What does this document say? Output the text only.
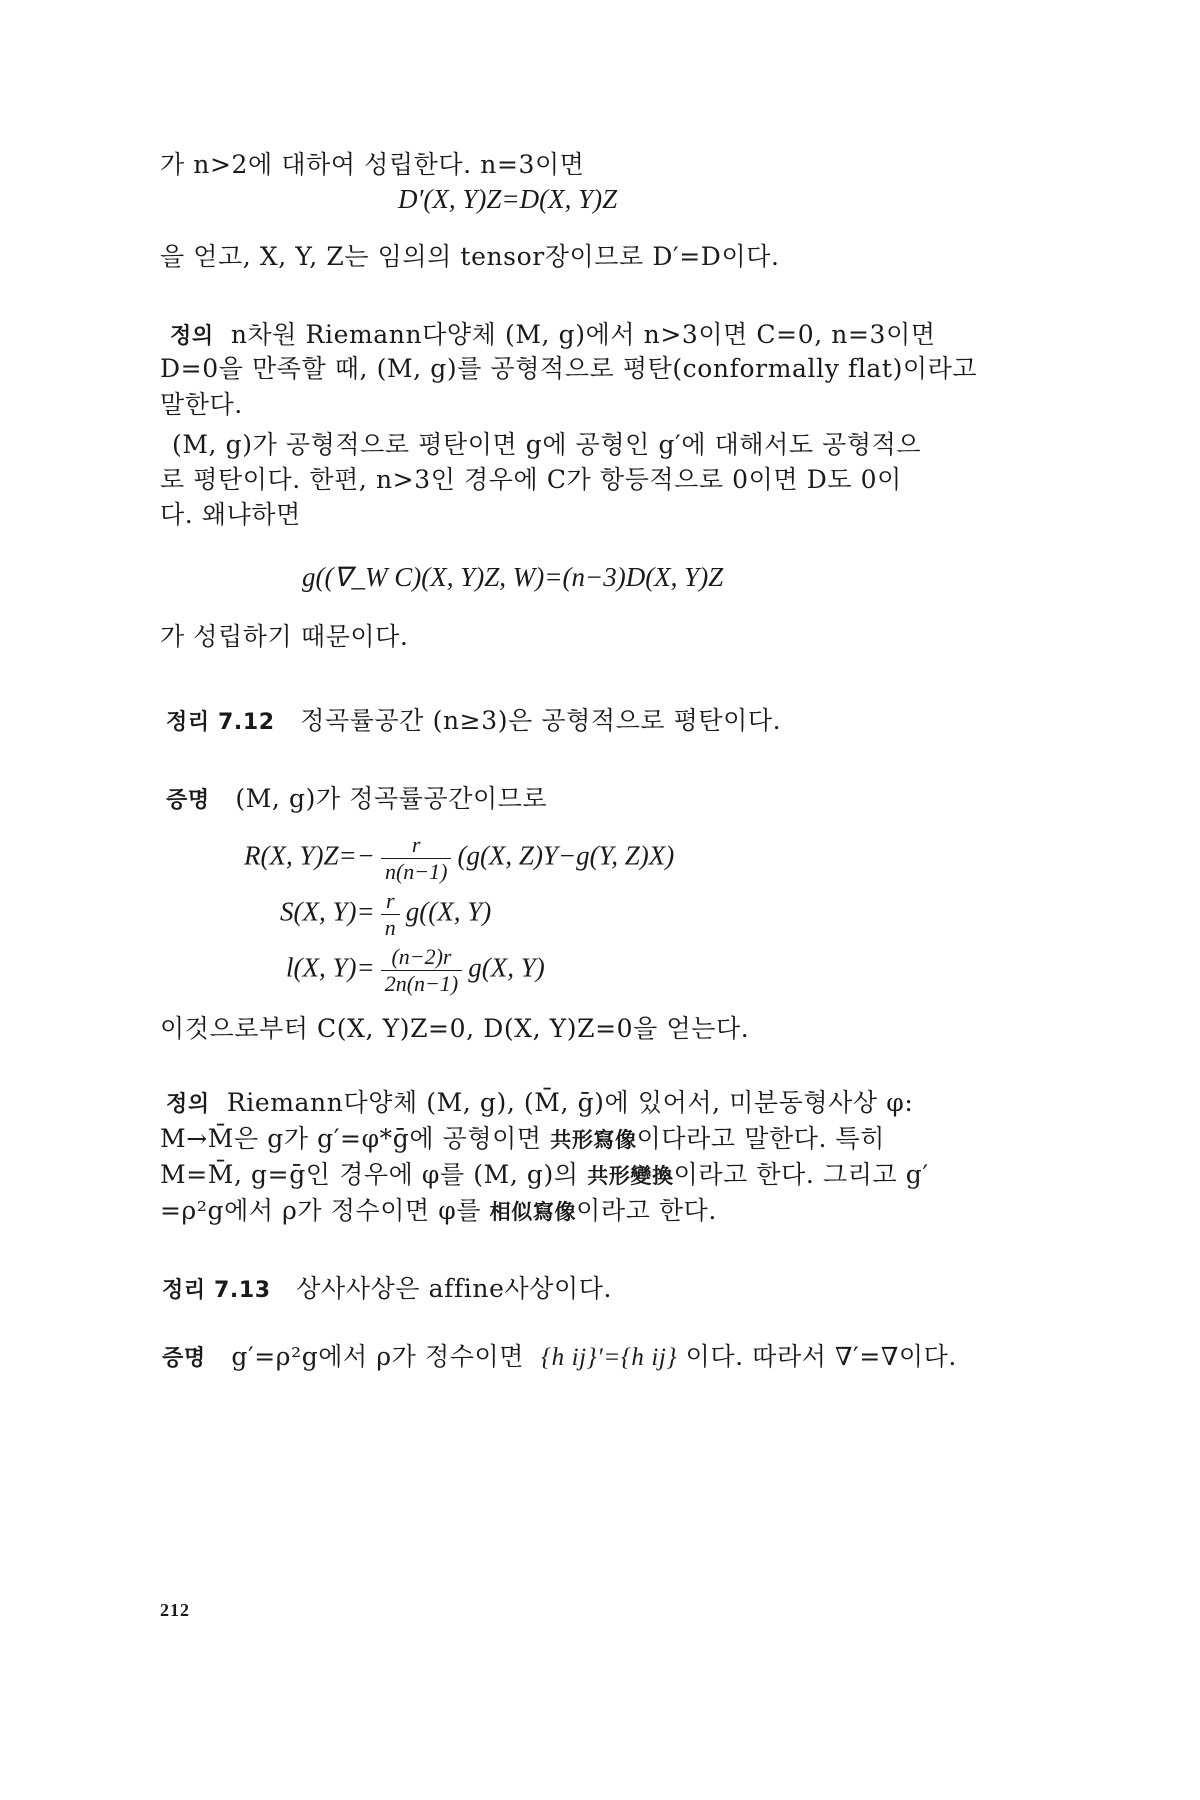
가 n>2에 대하여 성립한다. n=3이면
D′(X, Y)Z=D(X, Y)Z
을 얻고, X, Y, Z는 임의의 tensor장이므로 D′=D이다.
정의 n차원 Riemann다양체 (M, g)에서 n>3이면 C=0, n=3이면
D=0을 만족할 때, (M, g)를 공형적으로 평탄(conformally flat)이라고
말한다.
(M, g)가 공형적으로 평탄이면 g에 공형인 g′에 대해서도 공형적으
로 평탄이다. 한편, n>3인 경우에 C가 항등적으로 0이면 D도 0이
다. 왜냐하면
g((∇_W C)(X, Y)Z, W)=(n−3)D(X, Y)Z
가 성립하기 때문이다.
정리 7.12 정곡률공간 (n≥3)은 공형적으로 평탄이다.
증명 (M, g)가 정곡률공간이므로
R(X, $Y)Z=- \frac{r}{n(n-1)} (g(X$, Z)Y−g(Y, Z)X)
S(X, $Y)= \frac{r}{n} g((X$, Y)
l(X, $Y)= \frac{(n-2)r}{2n(n-1)} g(X$, Y)
이것으로부터 C(X, Y)Z=0, D(X, Y)Z=0을 얻는다.
정의 Riemann다양체 (M, g), (M̄, ḡ)에 있어서, 미분동형사상 φ:
M→M̄은 g가 g′=φ*ḡ에 공형이면 共形寫像이다라고 말한다. 특히
M=M̄, g=ḡ인 경우에 φ를 (M, g)의 共形變換이라고 한다. 그리고 g′
=ρ²g에서 ρ가 정수이면 φ를 相似寫像이라고 한다.
정리 7.13 상사사상은 affine사상이다.
증명 g′=ρ²g에서 ρ가 정수이면 {h ij}′={h ij} 이다. 따라서 ∇′=∇이다.
212
